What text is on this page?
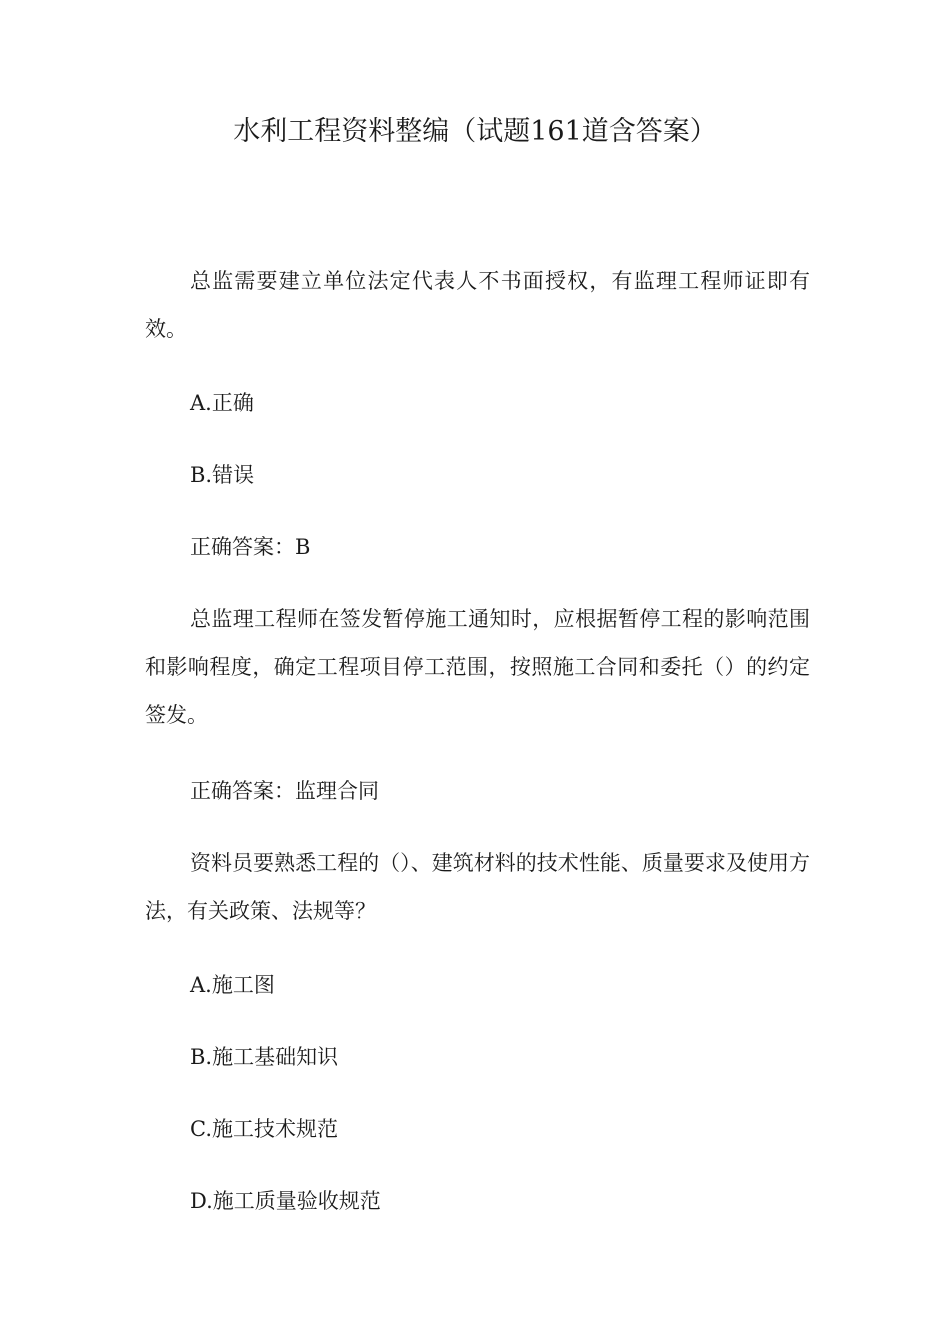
水利工程资料整编（试题161道含答案）

总监需要建立单位法定代表人不书面授权，有监理工程师证即有效。

A.正确

B.错误

正确答案：B

总监理工程师在签发暂停施工通知时，应根据暂停工程的影响范围和影响程度，确定工程项目停工范围，按照施工合同和委托（）的约定签发。

正确答案：监理合同

资料员要熟悉工程的（）、建筑材料的技术性能、质量要求及使用方法，有关政策、法规等？

A.施工图

B.施工基础知识

C.施工技术规范

D.施工质量验收规范
